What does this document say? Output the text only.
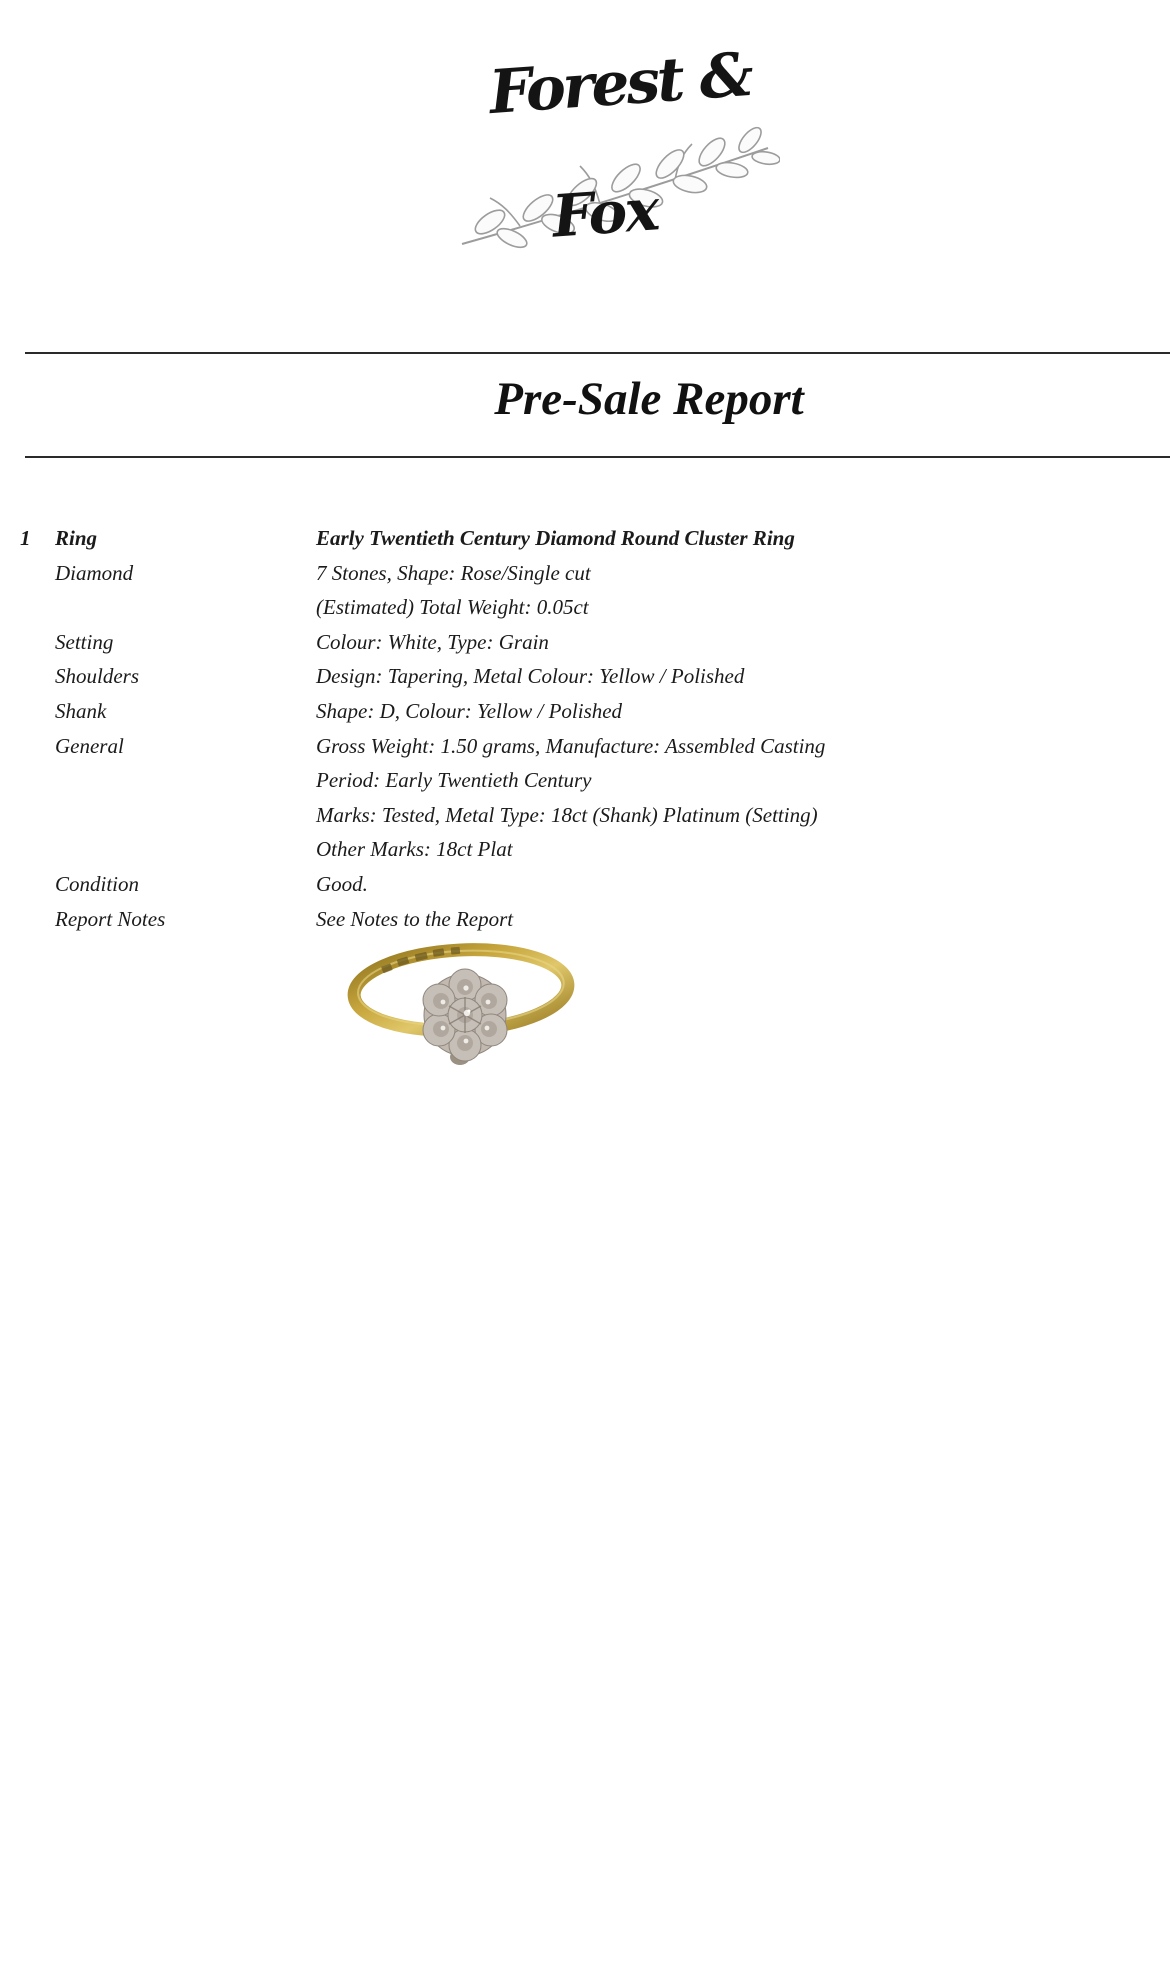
Forest &
Fox
Pre-Sale Report
1	Ring	Early Twentieth Century Diamond Round Cluster Ring
Diamond	7 Stones, Shape: Rose/Single cut
(Estimated) Total Weight: 0.05ct
Setting	Colour: White, Type: Grain
Shoulders	Design: Tapering, Metal Colour: Yellow / Polished
Shank	Shape: D, Colour: Yellow / Polished
General	Gross Weight: 1.50 grams, Manufacture: Assembled Casting
Period: Early Twentieth Century
Marks: Tested, Metal Type: 18ct (Shank) Platinum (Setting)
Other Marks: 18ct Plat
Condition	Good.
Report Notes	See Notes to the Report
